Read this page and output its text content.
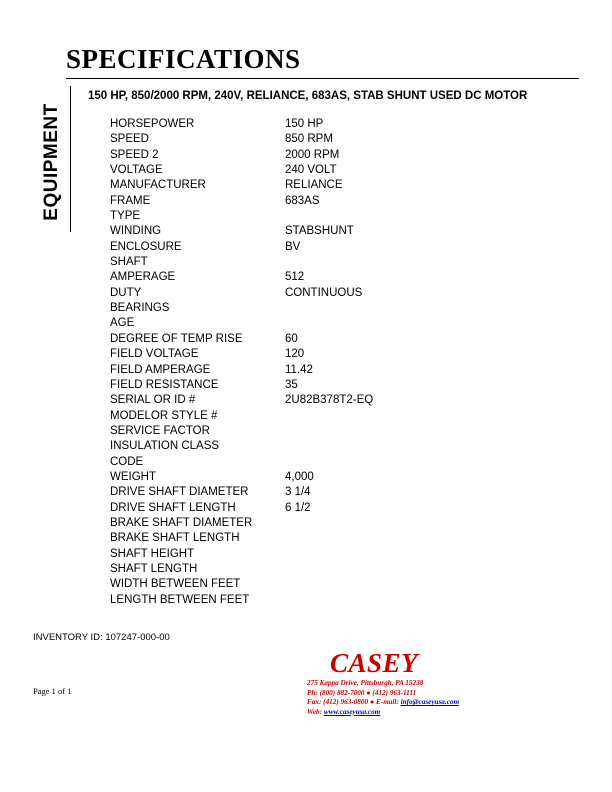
SPECIFICATIONS
EQUIPMENT
150 HP, 850/2000 RPM, 240V, RELIANCE, 683AS, STAB SHUNT USED DC MOTOR
HORSEPOWER	150 HP
SPEED	850 RPM
SPEED 2	2000 RPM
VOLTAGE	240 VOLT
MANUFACTURER	RELIANCE
FRAME	683AS
TYPE	
WINDING	STABSHUNT
ENCLOSURE	BV
SHAFT	
AMPERAGE	512
DUTY	CONTINUOUS
BEARINGS	
AGE	
DEGREE OF TEMP RISE	60
FIELD VOLTAGE	120
FIELD AMPERAGE	11.42
FIELD RESISTANCE	35
SERIAL OR ID #	2U82B378T2-EQ
MODELOR STYLE #	
SERVICE FACTOR	
INSULATION CLASS	
CODE	
WEIGHT	4,000
DRIVE SHAFT DIAMETER	3 1/4
DRIVE SHAFT LENGTH	6 1/2
BRAKE SHAFT DIAMETER	
BRAKE SHAFT LENGTH	
SHAFT HEIGHT	
SHAFT LENGTH	
WIDTH BETWEEN FEET	
LENGTH BETWEEN FEET	
INVENTORY ID: 107247-000-00
Page 1 of 1
CASEY
275 Kappa Drive, Pittsburgh, PA 15238
Ph: (800) 882-7000 ● (412) 963-1111
Fax: (412) 963-0800 ● E-mail: info@caseyusa.com
Web: www.caseyusa.com
